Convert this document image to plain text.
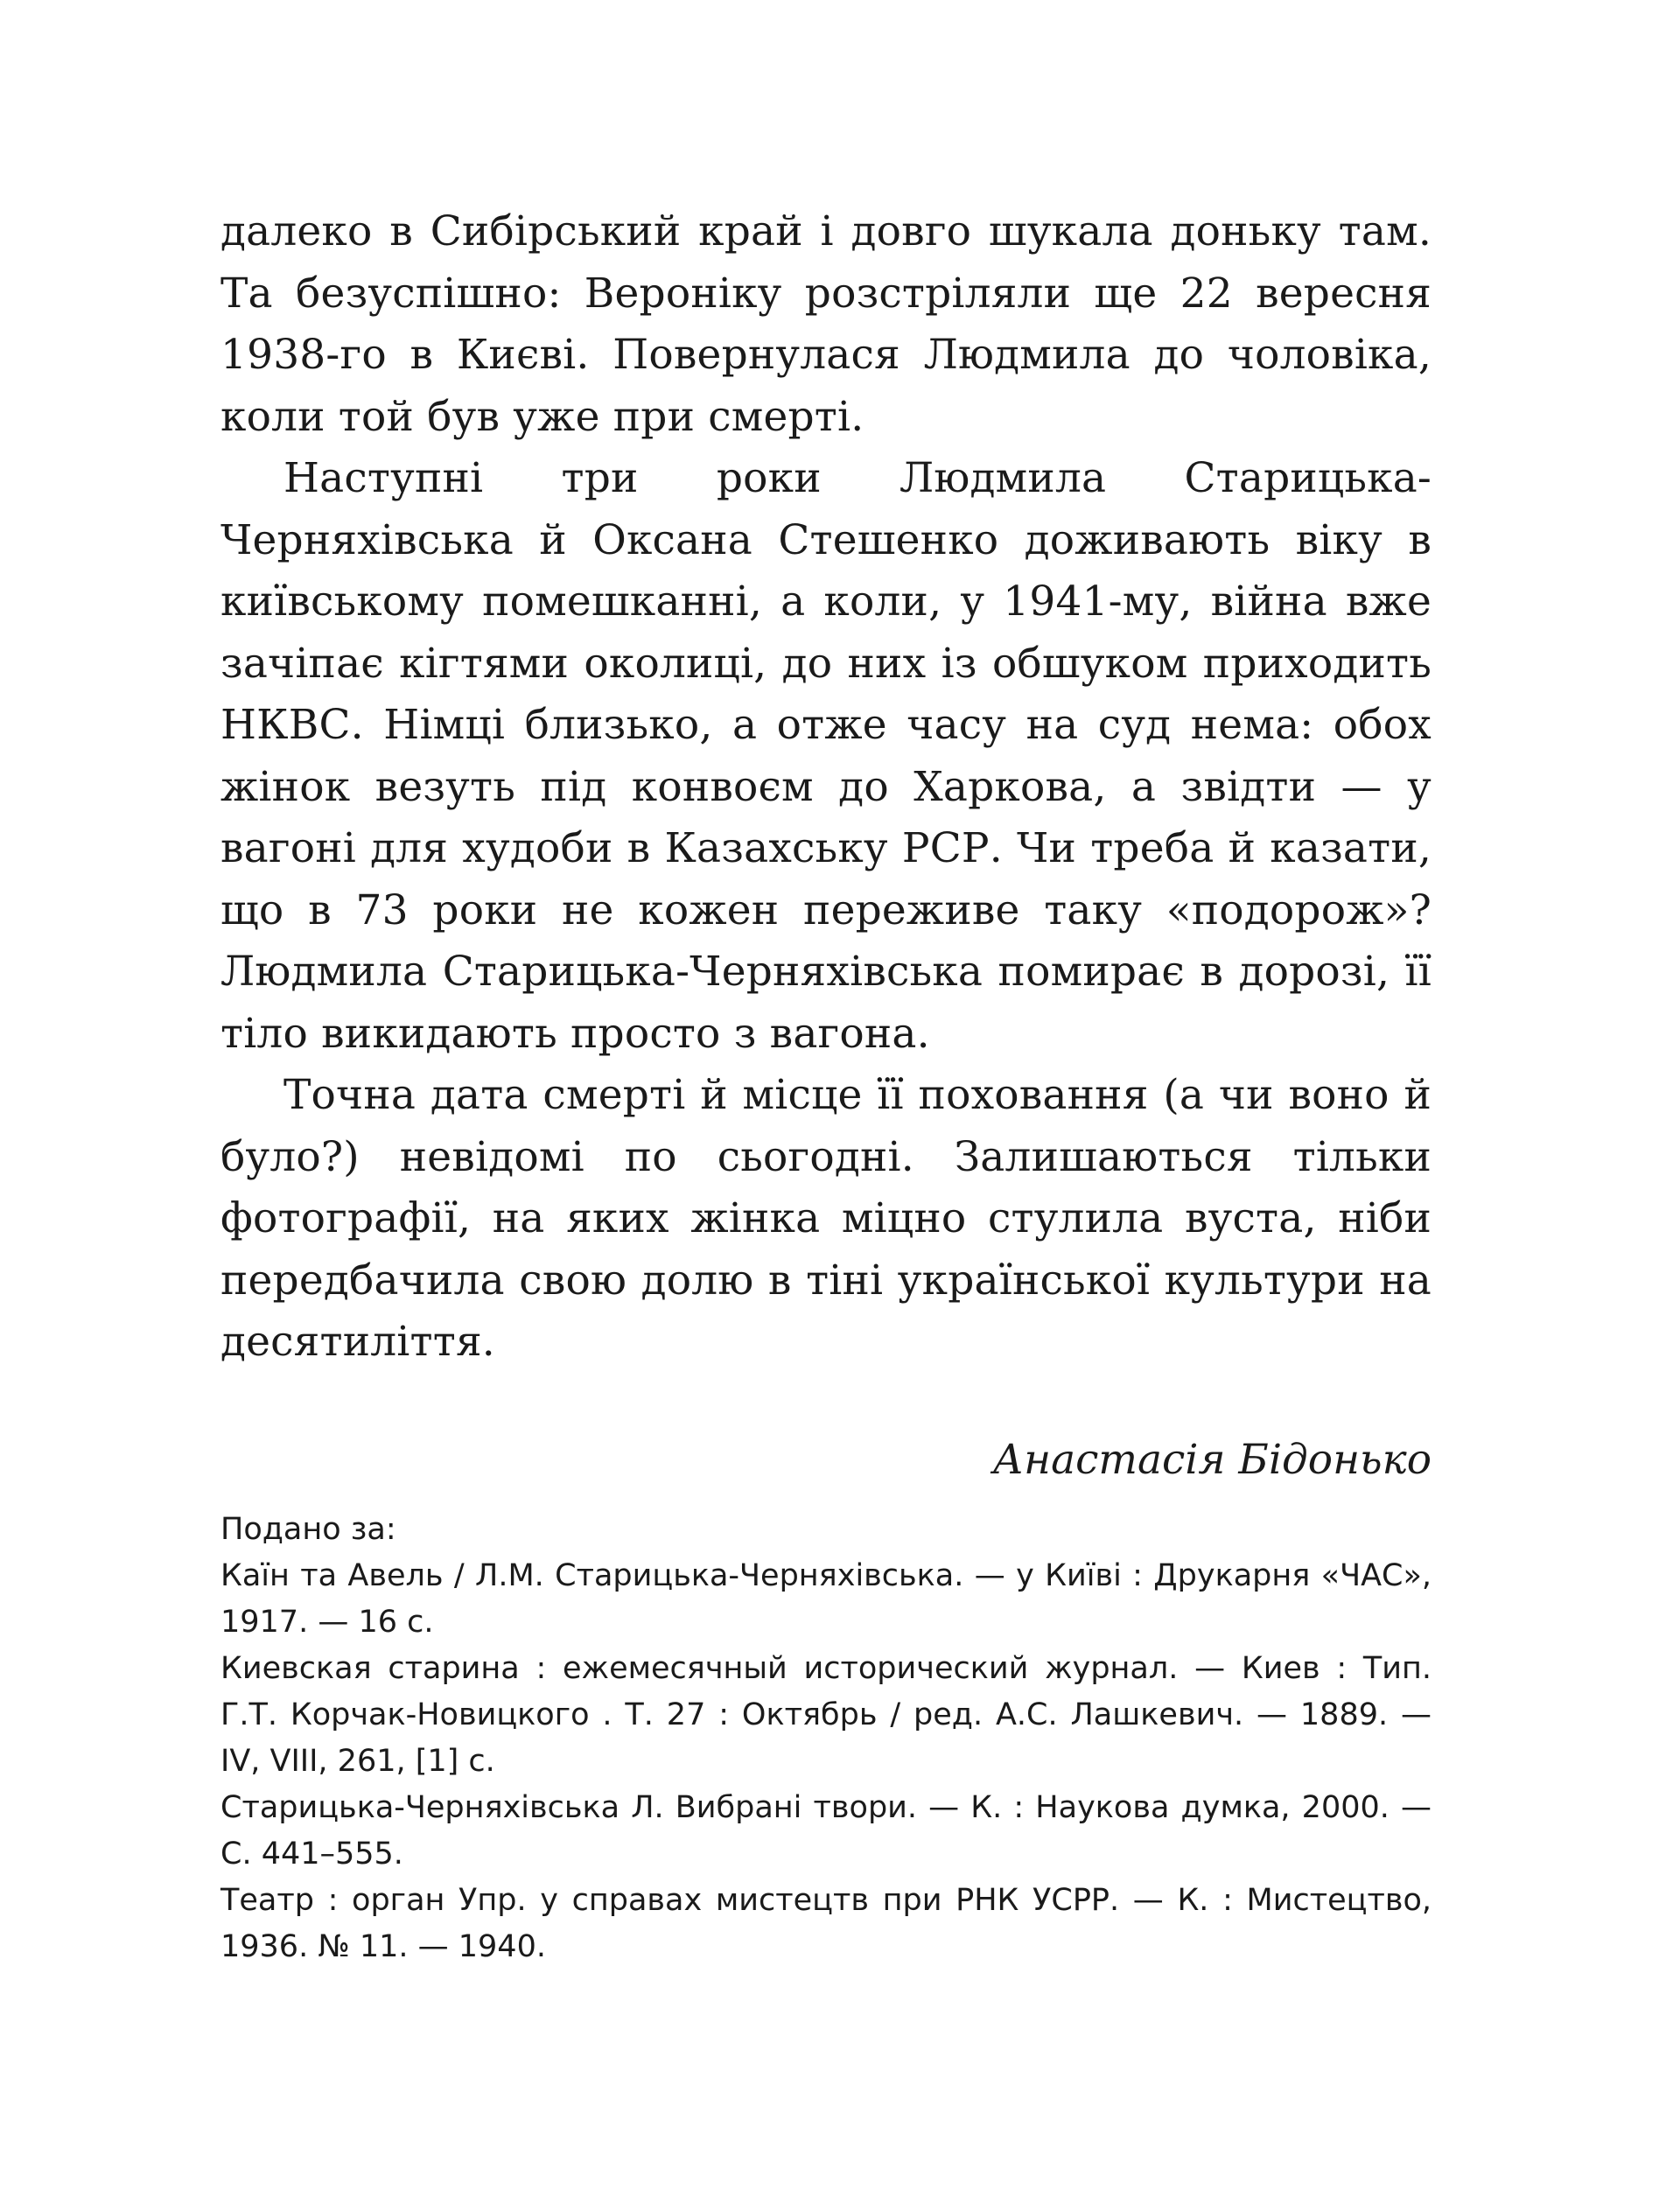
далеко в Сибірський край і довго шукала доньку там. Та безуспішно: Вероніку розстріляли ще 22 вересня 1938-го в Києві. Повернулася Людмила до чоловіка, коли той був уже при смерті.

Наступні три роки Людмила Старицька-Черняхівська й Оксана Стешенко доживають віку в київському помешканні, а коли, у 1941-му, війна вже зачіпає кігтями околиці, до них із обшуком приходить НКВС. Німці близько, а отже часу на суд нема: обох жінок везуть під конвоєм до Харкова, а звідти — у вагоні для худоби в Казахську РСР. Чи треба й казати, що в 73 роки не кожен переживе таку «подорож»? Людмила Старицька-Черняхівська помирає в дорозі, її тіло викидають просто з вагона.

Точна дата смерті й місце її поховання (а чи воно й було?) невідомі по сьогодні. Залишаються тільки фотографії, на яких жінка міцно стулила вуста, ніби передбачила свою долю в тіні української культури на десятиліття.

Анастасія Бідонько

Подано за:

Каїн та Авель / Л.М. Старицька-Черняхівська. — у Київі : Друкарня «ЧАС», 1917. — 16 с.

Киевская старина : ежемесячный исторический журнал. — Киев : Тип. Г.Т. Корчак-Новицкого . Т. 27 : Октябрь / ред. А.С. Лашкевич. — 1889. — IV, VIII, 261, [1] с.

Старицька-Черняхівська Л. Вибрані твори. — К. : Наукова думка, 2000. — С. 441–555.

Театр : орган Упр. у справах мистецтв при РНК УСРР. — К. : Мистецтво, 1936. № 11. — 1940.
